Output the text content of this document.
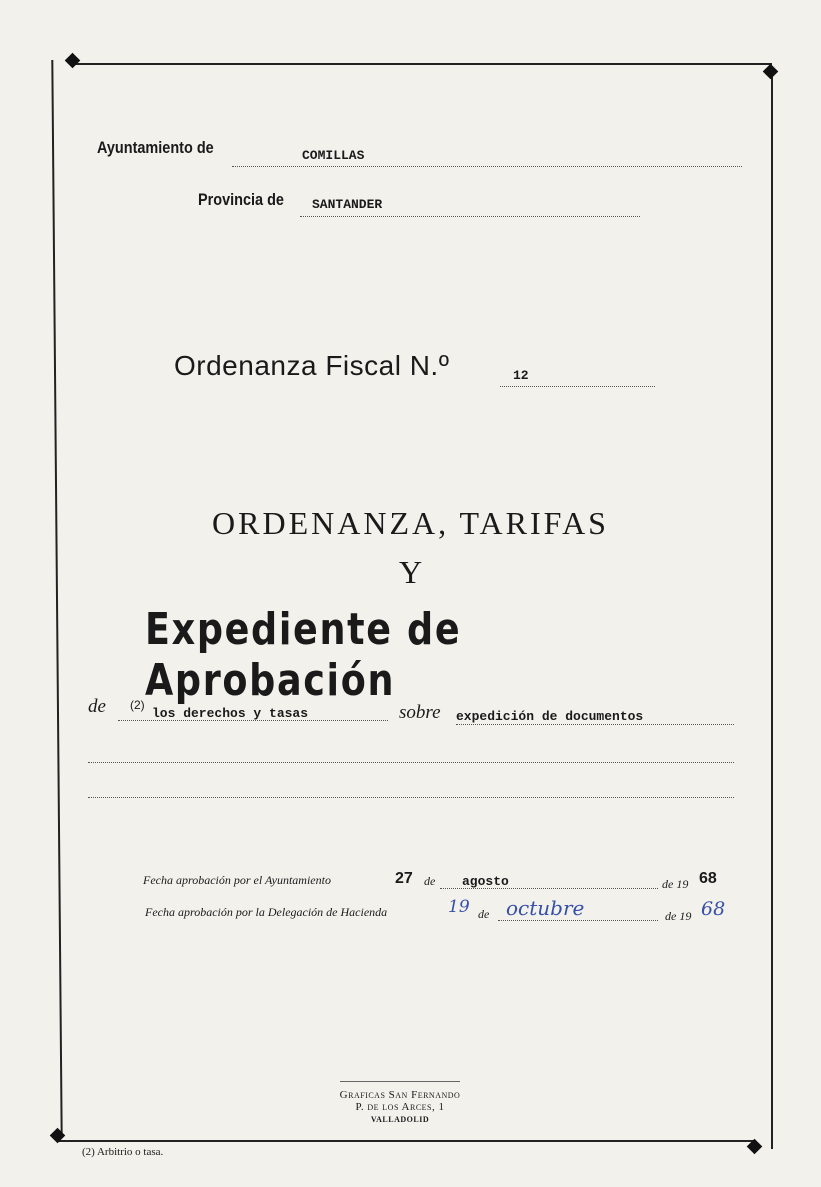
Ayuntamiento de	COMILLAS
Provincia de SANTANDER
Ordenanza Fiscal N.º	12
ORDENANZA, TARIFAS
Y
Expediente de Aprobación
de (2)
los derechos y tasas	sobre expedición de documentos
Fecha aprobación por el Ayuntamiento	27 de agosto	de 19 68
Fecha aprobación por la Delegación de Hacienda	19 de octubre	de 19 68
Graficas San Fernando
P. de los Arces, 1
VALLADOLID
(2) Arbitrio o tasa.
